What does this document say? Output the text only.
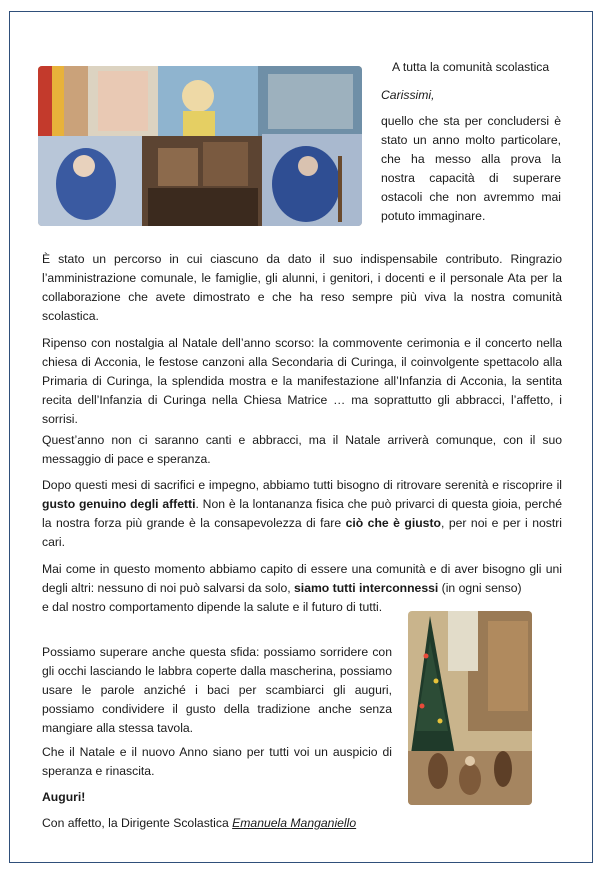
A tutta la comunità scolastica
Carissimi,
quello che sta per concludersi è stato un anno molto particolare, che ha messo alla prova la nostra capacità di superare ostacoli che non avremmo mai potuto immaginare.
È stato un percorso in cui ciascuno da dato il suo indispensabile contributo. Ringrazio l’amministrazione comunale, le famiglie, gli alunni, i genitori, i docenti e il personale Ata per la collaborazione che avete dimostrato e che ha reso sempre più viva la nostra comunità scolastica.
Ripenso con nostalgia al Natale dell’anno scorso: la commovente cerimonia e il concerto nella chiesa di Acconia, le festose canzoni alla Secondaria di Curinga, il coinvolgente spettacolo alla Primaria di Curinga, la splendida mostra e la manifestazione all’Infanzia di Acconia, la sentita recita dell’Infanzia di Curinga nella Chiesa Matrice … ma soprattutto gli abbracci, l’affetto, i sorrisi.
Quest’anno non ci saranno canti e abbracci, ma il Natale arriverà comunque, con il suo messaggio di pace e speranza.
Dopo questi mesi di sacrifici e impegno, abbiamo tutti bisogno di ritrovare serenità e riscoprire il gusto genuino degli affetti. Non è la lontananza fisica che può privarci di questa gioia, perché la nostra forza più grande è la consapevolezza di fare ciò che è giusto, per noi e per i nostri cari.
Mai come in questo momento abbiamo capito di essere una comunità e di aver bisogno gli uni degli altri: nessuno di noi può salvarsi da solo, siamo tutti interconnessi (in ogni senso)
e dal nostro comportamento dipende la salute e il futuro di tutti.
Possiamo superare anche questa sfida: possiamo sorridere con gli occhi lasciando le labbra coperte dalla mascherina, possiamo usare le parole anziché i baci per scambiarci gli auguri, possiamo condividere il gusto della tradizione anche senza mangiare alla stessa tavola.
Che il Natale e il nuovo Anno siano per tutti voi un auspicio di speranza e rinascita.
Auguri!
Con affetto, la Dirigente Scolastica Emanuela Manganiello
